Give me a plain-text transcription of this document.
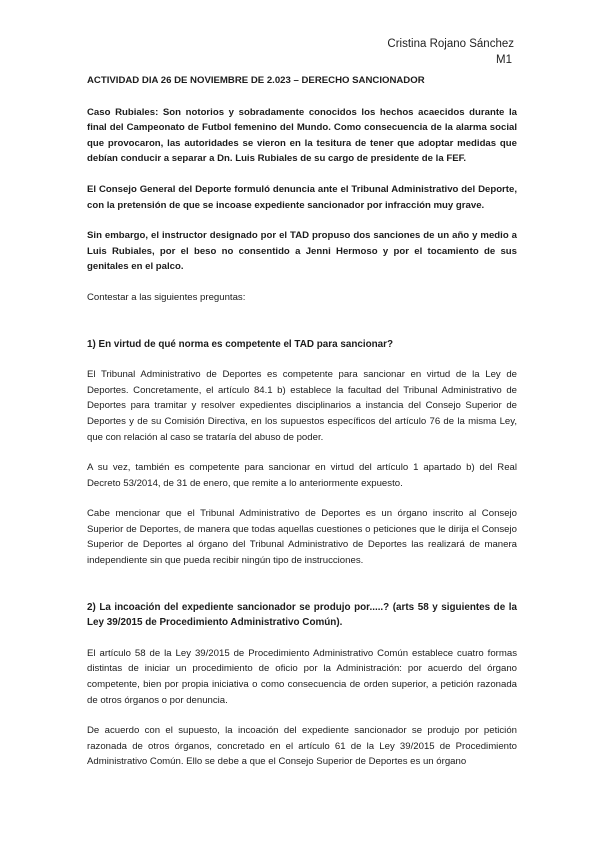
Cristina Rojano Sánchez
M1

ACTIVIDAD DIA 26 DE NOVIEMBRE DE 2.023 – DERECHO SANCIONADOR

Caso Rubiales: Son notorios y sobradamente conocidos los hechos acaecidos durante la final del Campeonato de Futbol femenino del Mundo. Como consecuencia de la alarma social que provocaron, las autoridades se vieron en la tesitura de tener que adoptar medidas que debían conducir a separar a Dn. Luis Rubiales de su cargo de presidente de la FEF.

El Consejo General del Deporte formuló denuncia ante el Tribunal Administrativo del Deporte, con la pretensión de que se incoase expediente sancionador por infracción muy grave.

Sin embargo, el instructor designado por el TAD propuso dos sanciones de un año y medio a Luis Rubiales, por el beso no consentido a Jenni Hermoso y por el tocamiento de sus genitales en el palco.

Contestar a las siguientes preguntas:

1) En virtud de qué norma es competente el TAD para sancionar?

El Tribunal Administrativo de Deportes es competente para sancionar en virtud de la Ley de Deportes. Concretamente, el artículo 84.1 b) establece la facultad del Tribunal Administrativo de Deportes para tramitar y resolver expedientes disciplinarios a instancia del Consejo Superior de Deportes y de su Comisión Directiva, en los supuestos específicos del artículo 76 de la misma Ley, que con relación al caso se trataría del abuso de poder.

A su vez, también es competente para sancionar en virtud del artículo 1 apartado b) del Real Decreto 53/2014, de 31 de enero, que remite a lo anteriormente expuesto.

Cabe mencionar que el Tribunal Administrativo de Deportes es un órgano inscrito al Consejo Superior de Deportes, de manera que todas aquellas cuestiones o peticiones que le dirija el Consejo Superior de Deportes al órgano del Tribunal Administrativo de Deportes las realizará de manera independiente sin que pueda recibir ningún tipo de instrucciones.

2) La incoación del expediente sancionador se produjo por.....? (arts 58 y siguientes de la Ley 39/2015 de Procedimiento Administrativo Común).

El artículo 58 de la Ley 39/2015 de Procedimiento Administrativo Común establece cuatro formas distintas de iniciar un procedimiento de oficio por la Administración: por acuerdo del órgano competente, bien por propia iniciativa o como consecuencia de orden superior, a petición razonada de otros órganos o por denuncia.

De acuerdo con el supuesto, la incoación del expediente sancionador se produjo por petición razonada de otros órganos, concretado en el artículo 61 de la Ley 39/2015 de Procedimiento Administrativo Común. Ello se debe a que el Consejo Superior de Deportes es un órgano
